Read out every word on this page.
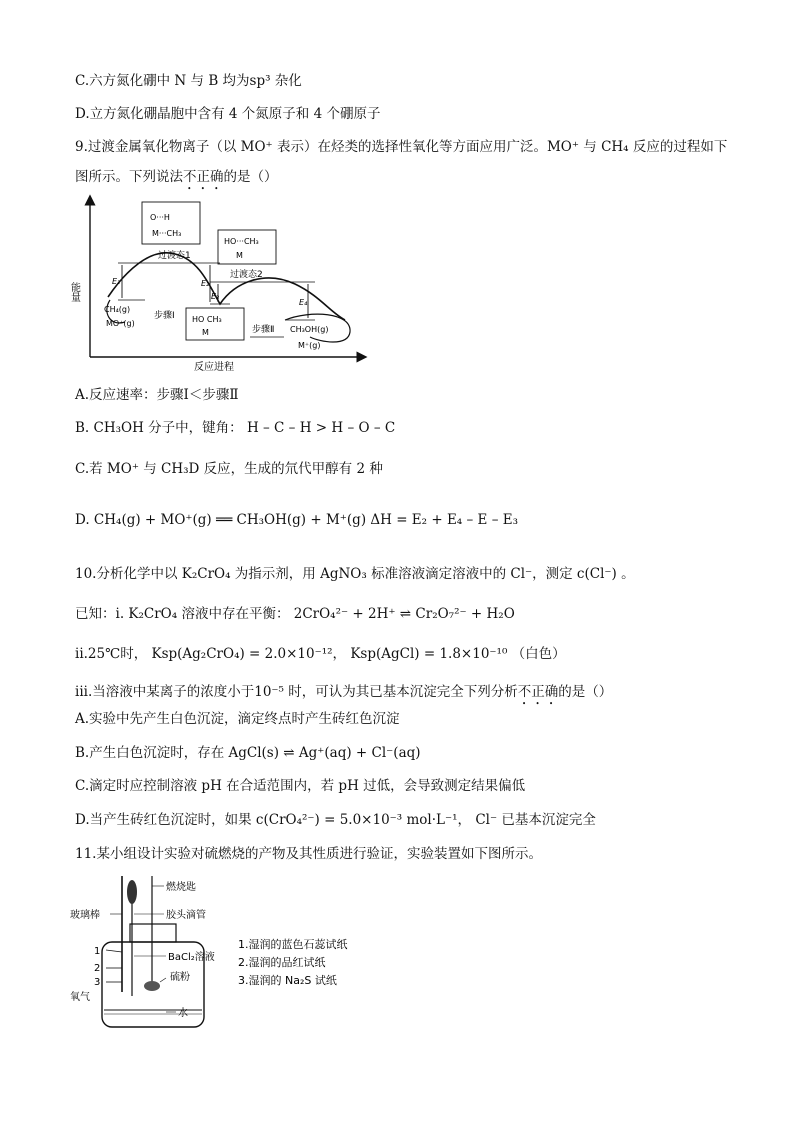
C.六方氮化硼中 N 与 B 均为sp³ 杂化
D.立方氮化硼晶胞中含有 4 个氮原子和 4 个硼原子
9.过渡金属氧化物离子（以 MO⁺ 表示）在烃类的选择性氧化等方面应用广泛。MO⁺ 与 CH₄ 反应的过程如下
图所示。下列说法不正确的是（）
能量
反应进程
E₁	E₂
E₃
E₄
O···H
M···CH₃
过渡态1
HO···CH₃
M
过渡态2
CH₄(g)
MO⁺(g)
步骤Ⅰ HO CH₃
M	步骤Ⅱ CH₃OH(g)
M⁺(g)
A.反应速率：步骤Ⅰ＜步骤Ⅱ
B. CH₃OH 分子中，键角： H – C – H > H – O – C
C.若 MO⁺ 与 CH₃D 反应，生成的氘代甲醇有 2 种
D. CH₄(g) + MO⁺(g) ══ CH₃OH(g) + M⁺(g) ΔH = E₂ + E₄ – E – E₃
10.分析化学中以 K₂CrO₄ 为指示剂，用 AgNO₃ 标准溶液滴定溶液中的 Cl⁻，测定 c(Cl⁻) 。
已知：i. K₂CrO₄ 溶液中存在平衡： 2CrO₄²⁻ + 2H⁺ ⇌ Cr₂O₇²⁻ + H₂O
ii.25℃时， Ksp(Ag₂CrO₄) = 2.0×10⁻¹²， Ksp(AgCl) = 1.8×10⁻¹⁰ （白色）
iii.当溶液中某离子的浓度小于10⁻⁵ 时，可认为其已基本沉淀完全下列分析不正确的是（）
A.实验中先产生白色沉淀，滴定终点时产生砖红色沉淀
B.产生白色沉淀时，存在 AgCl(s) ⇌ Ag⁺(aq) + Cl⁻(aq)
C.滴定时应控制溶液 pH 在合适范围内，若 pH 过低，会导致测定结果偏低
D.当产生砖红色沉淀时，如果 c(CrO₄²⁻) = 5.0×10⁻³ mol·L⁻¹， Cl⁻ 已基本沉淀完全
11.某小组设计实验对硫燃烧的产物及其性质进行验证，实验装置如下图所示。
1
2
3
燃烧匙
胶头滴管
玻璃棒
BaCl₂溶液
硫粉
氧气
水
1.湿润的蓝色石蕊试纸
2.湿润的品红试纸
3.湿润的 Na₂S 试纸
